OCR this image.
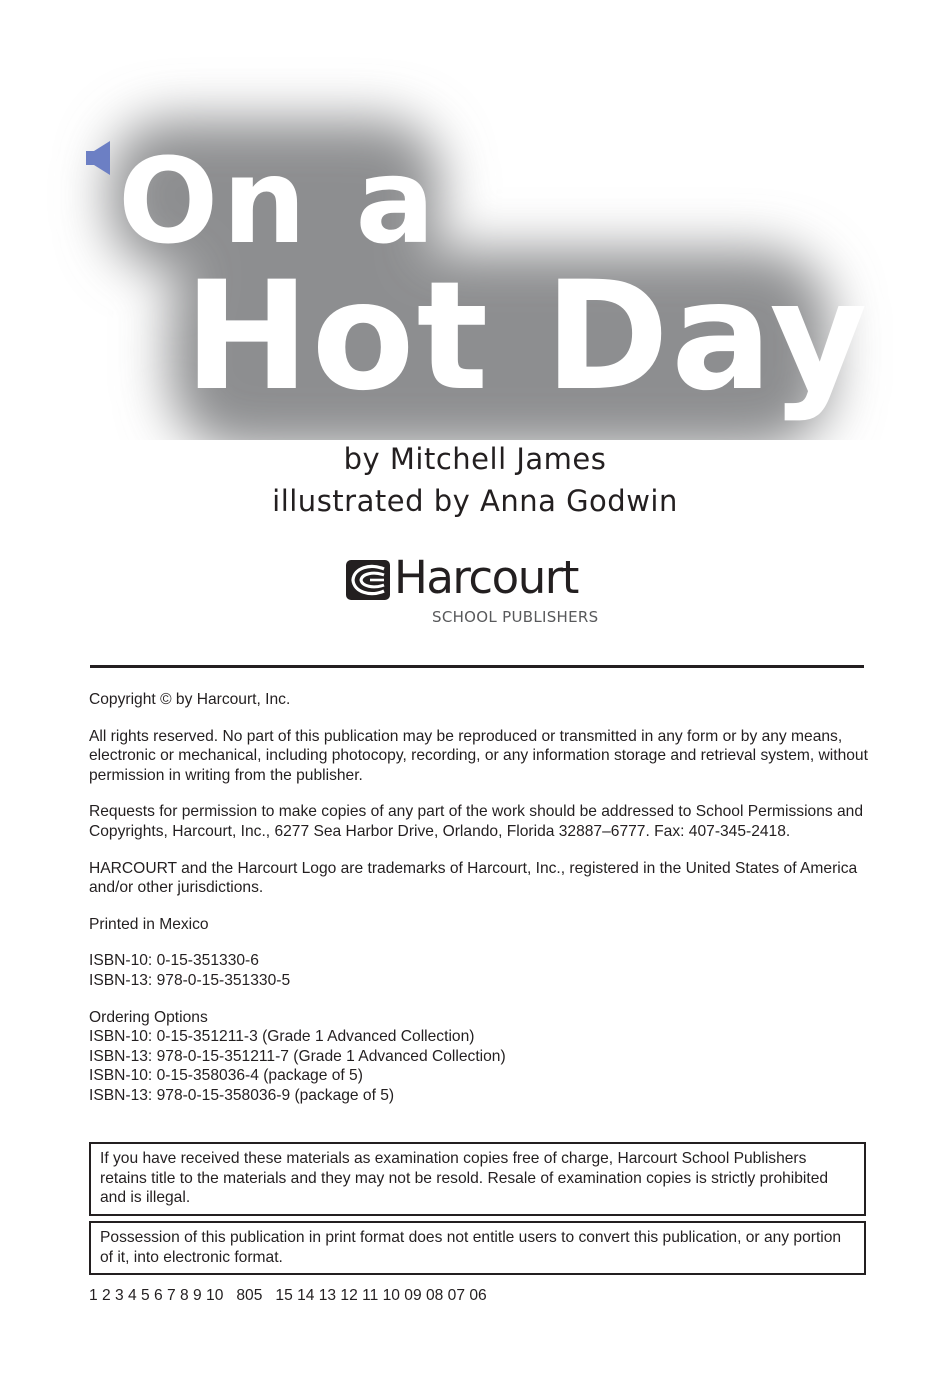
On a
Hot Day
by Mitchell James
illustrated by Anna Godwin
Harcourt
SCHOOL PUBLISHERS

Copyright © by Harcourt, Inc.

All rights reserved. No part of this publication may be reproduced or transmitted in any form or by any means, electronic or mechanical, including photocopy, recording, or any information storage and retrieval system, without permission in writing from the publisher.

Requests for permission to make copies of any part of the work should be addressed to School Permissions and Copyrights, Harcourt, Inc., 6277 Sea Harbor Drive, Orlando, Florida 32887–6777. Fax: 407-345-2418.

HARCOURT and the Harcourt Logo are trademarks of Harcourt, Inc., registered in the United States of America and/or other jurisdictions.

Printed in Mexico

ISBN-10: 0-15-351330-6
ISBN-13: 978-0-15-351330-5
Ordering Options
ISBN-10: 0-15-351211-3 (Grade 1 Advanced Collection)
ISBN-13: 978-0-15-351211-7 (Grade 1 Advanced Collection)
ISBN-10: 0-15-358036-4 (package of 5)
ISBN-13: 978-0-15-358036-9 (package of 5)
If you have received these materials as examination copies free of charge, Harcourt School Publishers retains title to the materials and they may not be resold. Resale of examination copies is strictly prohibited and is illegal.
Possession of this publication in print format does not entitle users to convert this publication, or any portion of it, into electronic format.
1 2 3 4 5 6 7 8 9 10   805   15 14 13 12 11 10 09 08 07 06
